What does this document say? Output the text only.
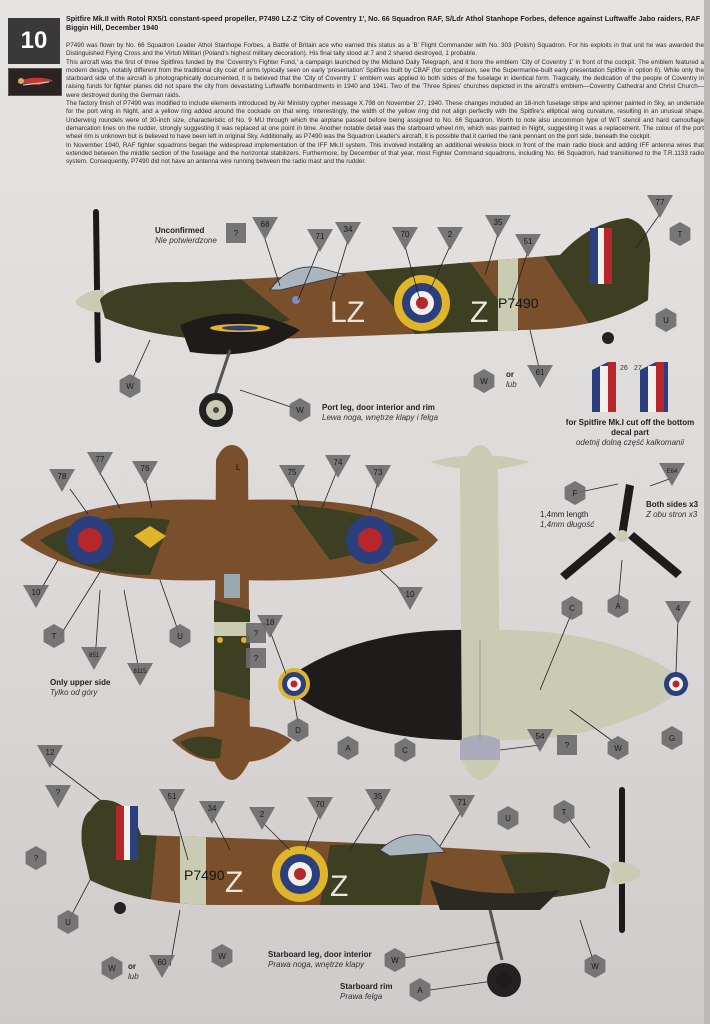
10
Spitfire Mk.II with Rotol RX5/1 constant-speed propeller, P7490 LZ-Z 'City of Coventry 1', No. 66 Squadron RAF, S/Ldr Athol Stanhope Forbes, defence against Luftwaffe Jabo raiders, RAF Biggin Hill, December 1940

P7490 was flown by No. 66 Squadron Leader Athol Stanhope Forbes, a Battle of Britain ace who earned this status as a 'B' Flight Commander with No. 303 (Polish) Squadron. For his exploits in that unit he was awarded the Distinguished Flying Cross and the Virtuti Militari (Poland's highest military decoration). His final tally stood at 7 and 2 shared destroyed, 1 probable.

This aircraft was the first of three Spitfires funded by the 'Coventry's Fighter Fund,' a campaign launched by the Midland Daily Telegraph, and it bore the emblem 'City of Coventry 1' in front of the cockpit. The emblem featured a modern design, notably different from the traditional city coat of arms typically seen on early 'presentation' Spitfires built by CBAF (for comparison, see the Supermarine-built early presentation Spitfire in option 6). While only the starboard side of the aircraft is photographically documented, it is believed that the 'City of Coventry 1' emblem was applied to both sides of the fuselage in identical form. Tragically, the dedication of the people of Coventry in raising funds for fighter planes did not spare the city from devastating Luftwaffe bombardments in 1940 and 1941. Two of the 'Three Spires' churches depicted in the aircraft's emblem—Coventry Cathedral and Christ Church—were destroyed during the German raids.

The factory finish of P7490 was modified to include elements introduced by Air Ministry cypher message X.798 on November 27, 1940. These changes included an 18-inch fuselage stripe and spinner painted in Sky, an underside for the port wing in Night, and a yellow ring added around the cockade on that wing. Interestingly, the width of the yellow ring did not align perfectly with the Spitfire's elliptical wing curvature, resulting in an unusual shape. Underwing roundels were of 30-inch size, characteristic of No. 9 MU through which the airplane passed before being assigned to No. 66 Squadron. Worth to note also uncommon type of W/T stencil and hard camouflage demarcation lines on the rudder, strongly suggesting it was replaced at one point in time. Another notable detail was the starboard wheel rim, which was painted in Night, suggesting it was a replacement. The colour of the port wheel rim is unknown but is believed to have been left in original Sky. Additionally, as P7490 was the Squadron Leader's aircraft, it is possible that it carried the rank pennant on the port side, beneath the cockpit.

In November 1940, RAF fighter squadrons began the widespread implementation of the IFF Mk.II system. This involved installing an additional wireless block in front of the main radio block and adding IFF antenna wires that extended between the middle section of the fuselage and the horizontal stabilizers. Furthermore, by December of that year, most Fighter Command squadrons, including No. 66 Squadron, had transitioned to the T.R.1133 radio system. Consequently, P7490 did not have an antenna wire running between the radio mast and the rudder.

Unconfirmed
Nie potwierdzone
Port leg, door interior and rim
Lewa noga, wnętrze klapy i felga
or
lub
for Spitfire Mk.I cut off the bottom decal part
odetnij dolną część kalkomanii
1,4mm length
1,4mm długość
Both sides x3
Z obu stron x3
Only upper side
Tylko od góry
Starboard leg, door interior
Prawa noga, wnętrze klapy
Starboard rim
Prawa felga
or
lub
LZ	Z P7490
26 27
L
Z	Z
P7490
?
68
71
34
70	2
35
51
77
T
U
W
W
W
61
78
77
76	75
74
73
10	10
T	U
851
8115
?
?
18
D
A	C
C
54
?	W
G
4
E64
F
A
12
?	51
34
2
70
35
71
U
T
?
U
60
W
W	W
W
A
